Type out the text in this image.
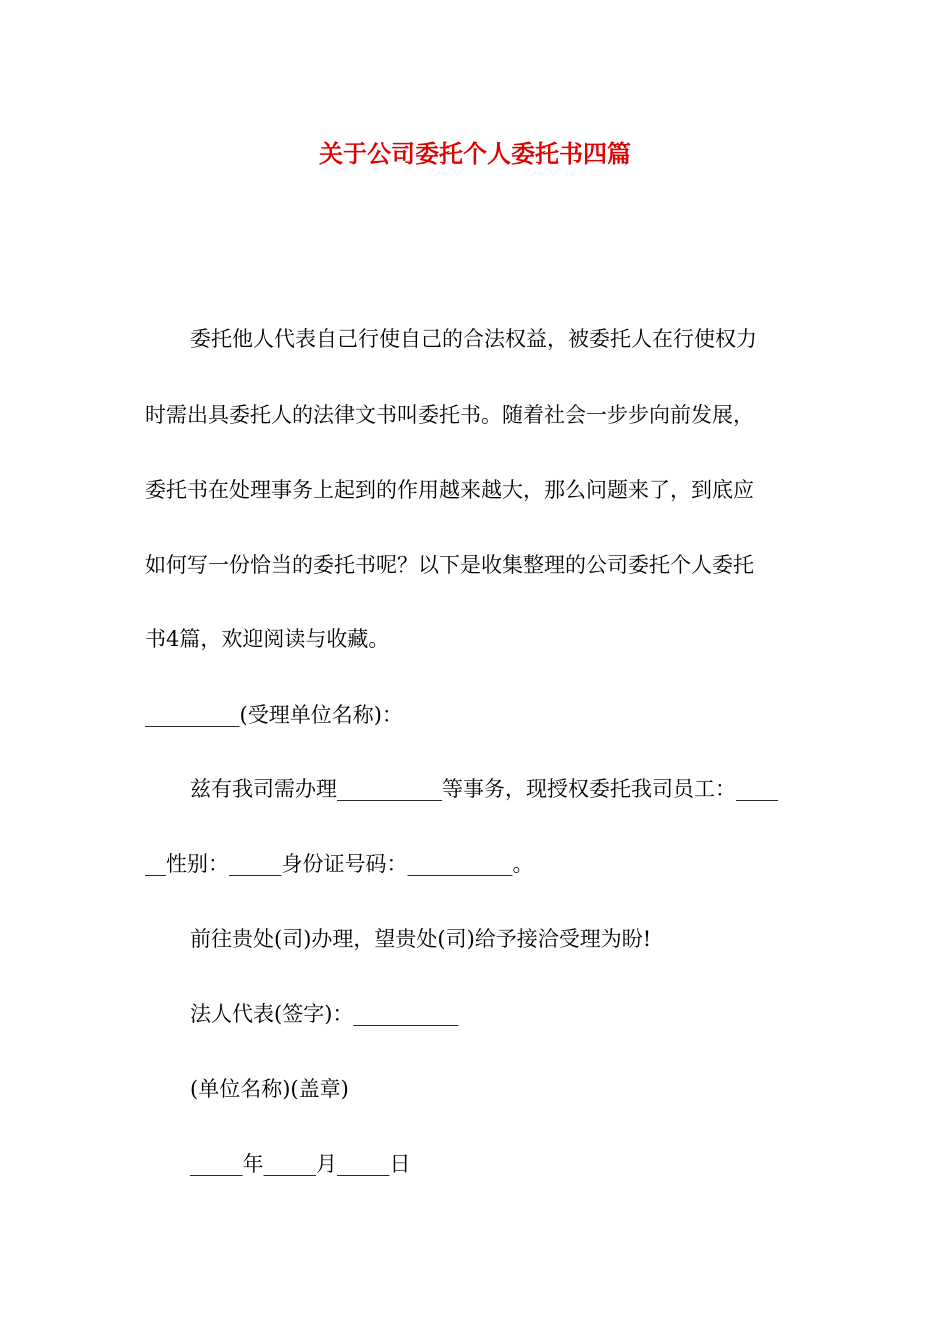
关于公司委托个人委托书四篇

委托他人代表自己行使自己的合法权益，被委托人在行使权力

时需出具委托人的法律文书叫委托书。随着社会一步步向前发展，

委托书在处理事务上起到的作用越来越大，那么问题来了，到底应

如何写一份恰当的委托书呢？以下是收集整理的公司委托个人委托

书4篇，欢迎阅读与收藏。

_________(受理单位名称)：

兹有我司需办理__________等事务，现授权委托我司员工：____

__性别：_____身份证号码：__________。

前往贵处(司)办理，望贵处(司)给予接洽受理为盼!

法人代表(签字)：__________

(单位名称)(盖章)

_____年_____月_____日
